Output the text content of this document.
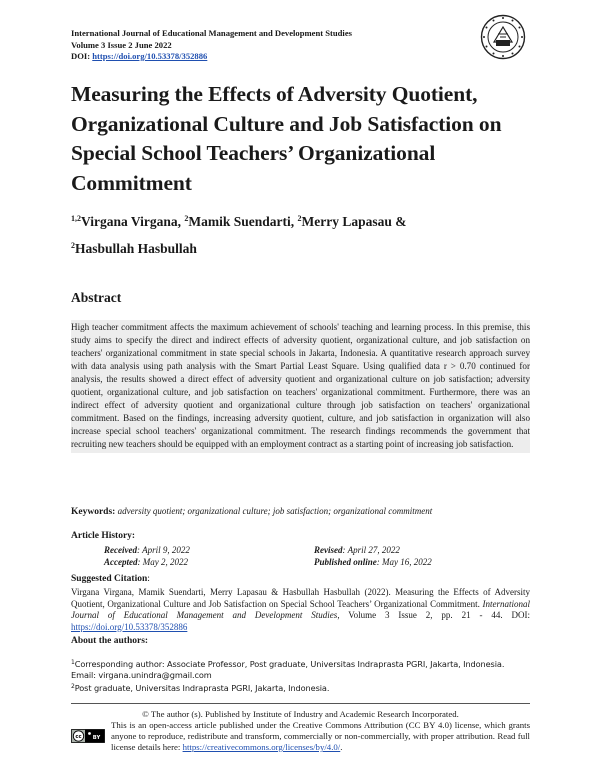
International Journal of Educational Management and Development Studies
Volume 3 Issue 2 June 2022
DOI: https://doi.org/10.53378/352886
Measuring the Effects of Adversity Quotient, Organizational Culture and Job Satisfaction on Special School Teachers’ Organizational Commitment
$^{1,2}$Virgana Virgana, $^2$Mamik Suendarti, $^2$Merry Lapasau &
$^2$Hasbullah Hasbullah
Abstract
High teacher commitment affects the maximum achievement of schools' teaching and learning process. In this premise, this study aims to specify the direct and indirect effects of adversity quotient, organizational culture, and job satisfaction on teachers' organizational commitment in state special schools in Jakarta, Indonesia. A quantitative research approach survey with data analysis using path analysis with the Smart Partial Least Square. Using qualified data r > 0.70 continued for analysis, the results showed a direct effect of adversity quotient and organizational culture on job satisfaction; adversity quotient, organizational culture, and job satisfaction on teachers' organizational commitment. Furthermore, there was an indirect effect of adversity quotient and organizational culture through job satisfaction on teachers' organizational commitment. Based on the findings, increasing adversity quotient, culture, and job satisfaction in organization will also increase special school teachers' organizational commitment. The research findings recommends the government that recruiting new teachers should be equipped with an employment contract as a starting point of increasing job satisfaction.
Keywords: adversity quotient; organizational culture; job satisfaction; organizational commitment
Article History:
Received: April 9, 2022	Revised: April 27, 2022
Accepted: May 2, 2022	Published online: May 16, 2022
Suggested Citation:
Virgana Virgana, Mamik Suendarti, Merry Lapasau & Hasbullah Hasbullah (2022). Measuring the Effects of Adversity Quotient, Organizational Culture and Job Satisfaction on Special School Teachers’ Organizational Commitment. International Journal of Educational Management and Development Studies, Volume 3 Issue 2, pp. 21 - 44. DOI: https://doi.org/10.53378/352886
About the authors:
$^1$Corresponding author: Associate Professor, Post graduate, Universitas Indraprasta PGRI, Jakarta, Indonesia. Email: virgana.unindra@gmail.com
$^2$Post graduate, Universitas Indraprasta PGRI, Jakarta, Indonesia.
© The author (s). Published by Institute of Industry and Academic Research Incorporated.
cc BY
This is an open-access article published under the Creative Commons Attribution (CC BY 4.0) license, which grants anyone to reproduce, redistribute and transform, commercially or non-commercially, with proper attribution. Read full license details here: https://creativecommons.org/licenses/by/4.0/.
